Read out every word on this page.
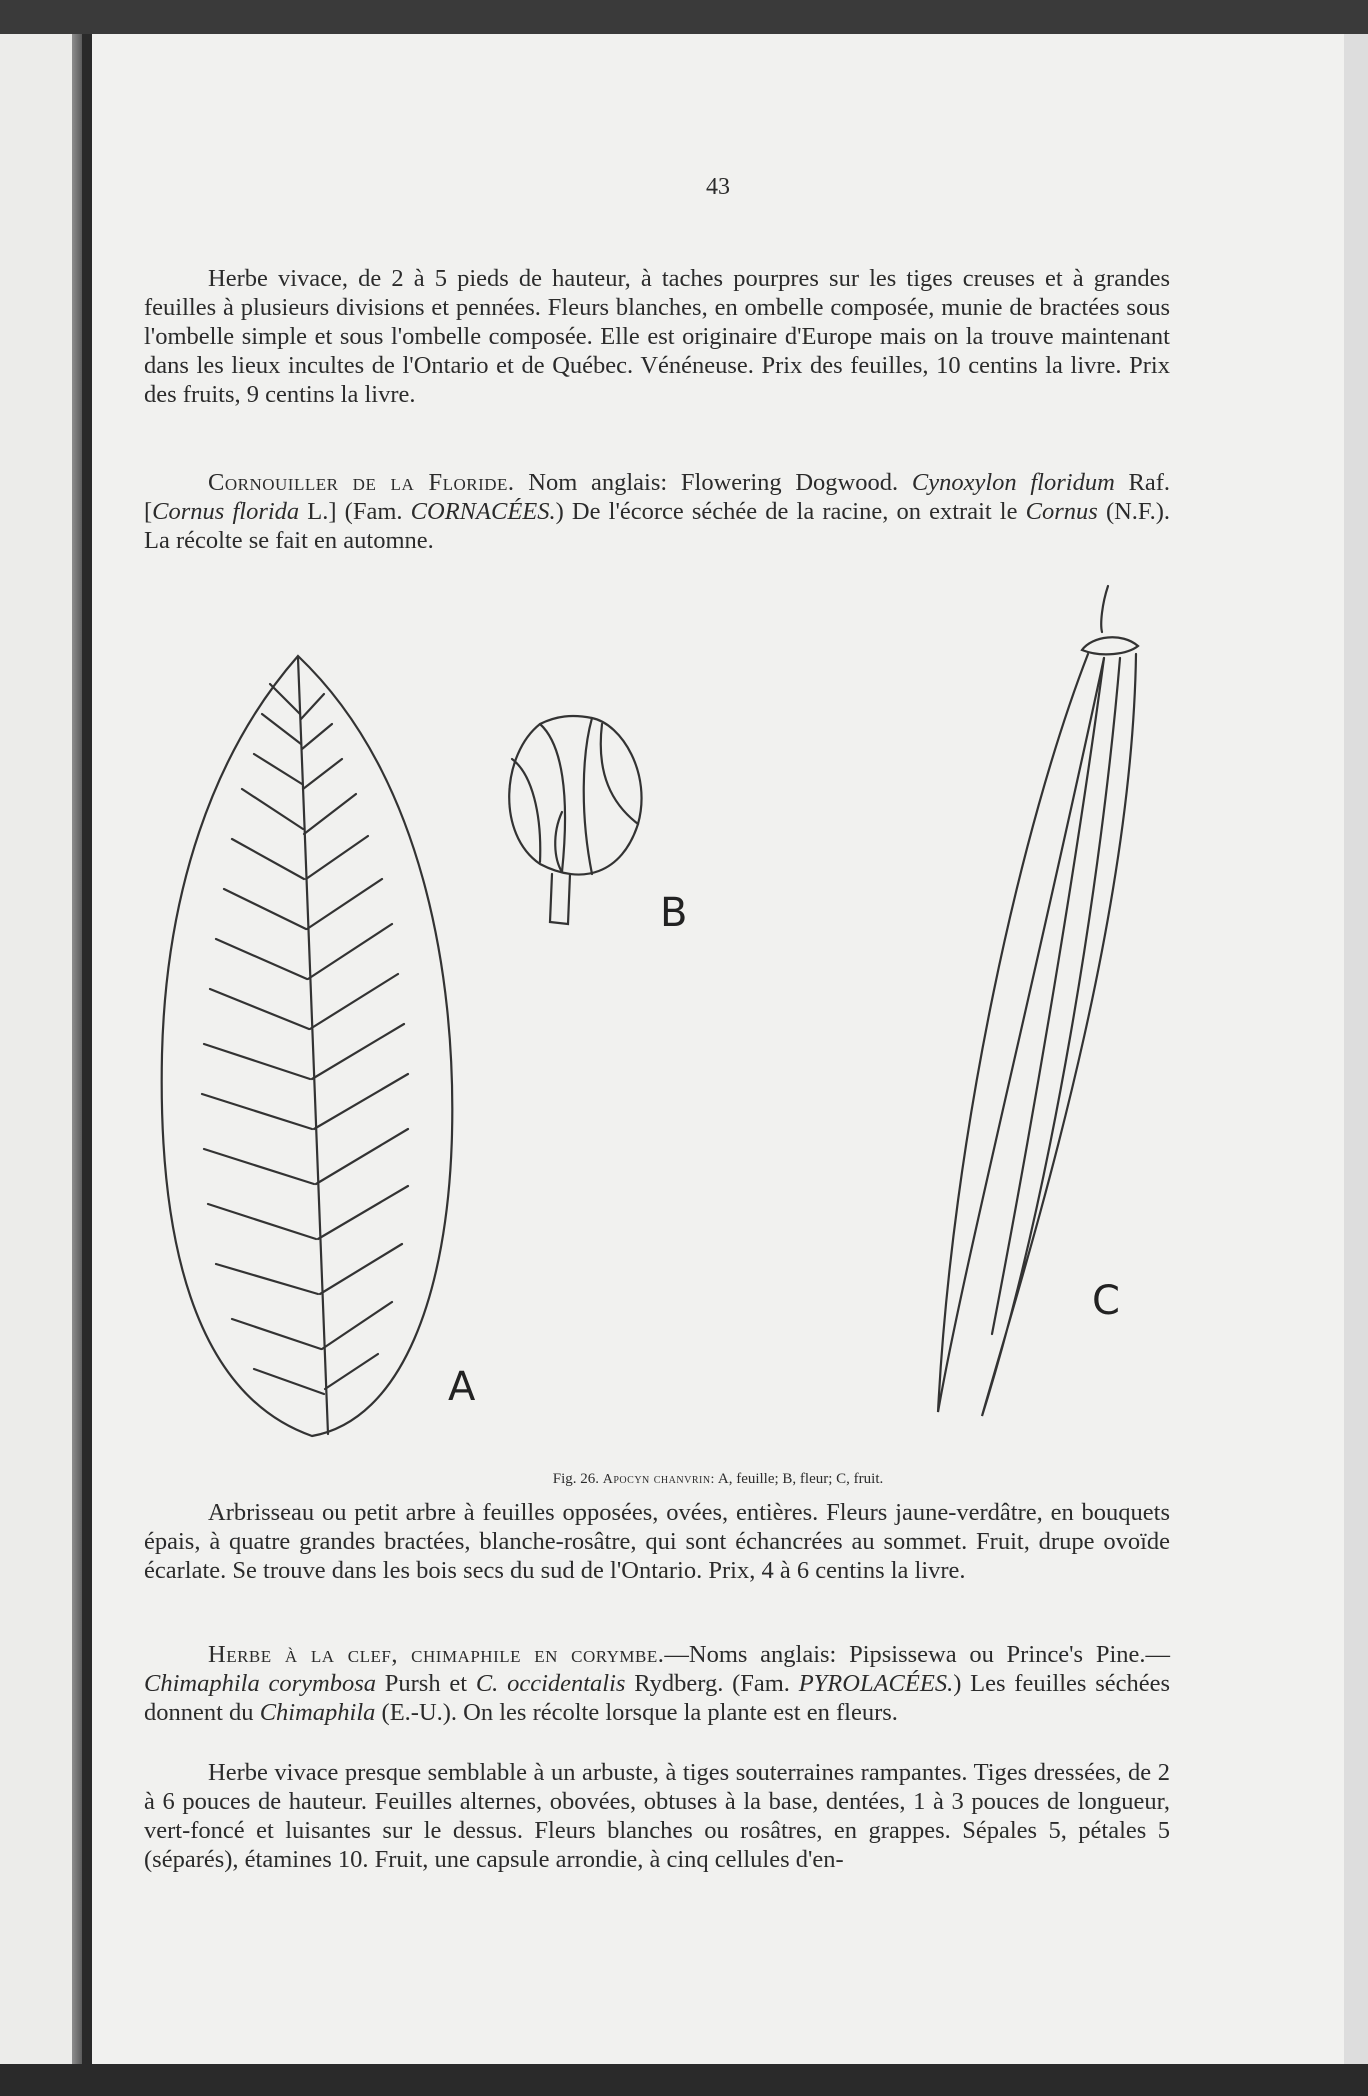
43

Herbe vivace, de 2 à 5 pieds de hauteur, à taches pourpres sur les tiges creuses et à grandes feuilles à plusieurs divisions et pennées. Fleurs blanches, en ombelle composée, munie de bractées sous l'ombelle simple et sous l'ombelle composée. Elle est originaire d'Europe mais on la trouve maintenant dans les lieux incultes de l'Ontario et de Québec. Vénéneuse. Prix des feuilles, 10 centins la livre. Prix des fruits, 9 centins la livre.

Cornouiller de la Floride. Nom anglais: Flowering Dogwood. Cynoxylon floridum Raf. [Cornus florida L.] (Fam. CORNACÉES.) De l'écorce séchée de la racine, on extrait le Cornus (N.F.). La récolte se fait en automne.

A
B
C
Fig. 26. Apocyn chanvrin: A, feuille; B, fleur; C, fruit.

Arbrisseau ou petit arbre à feuilles opposées, ovées, entières. Fleurs jaune-verdâtre, en bouquets épais, à quatre grandes bractées, blanche-rosâtre, qui sont échancrées au sommet. Fruit, drupe ovoïde écarlate. Se trouve dans les bois secs du sud de l'Ontario. Prix, 4 à 6 centins la livre.

Herbe à la clef, chimaphile en corymbe.—Noms anglais: Pipsissewa ou Prince's Pine.—Chimaphila corymbosa Pursh et C. occidentalis Rydberg. (Fam. PYROLACÉES.) Les feuilles séchées donnent du Chimaphila (E.-U.). On les récolte lorsque la plante est en fleurs.

Herbe vivace presque semblable à un arbuste, à tiges souterraines rampantes. Tiges dressées, de 2 à 6 pouces de hauteur. Feuilles alternes, obovées, obtuses à la base, dentées, 1 à 3 pouces de longueur, vert-foncé et luisantes sur le dessus. Fleurs blanches ou rosâtres, en grappes. Sépales 5, pétales 5 (séparés), étamines 10. Fruit, une capsule arrondie, à cinq cellules d'en-
